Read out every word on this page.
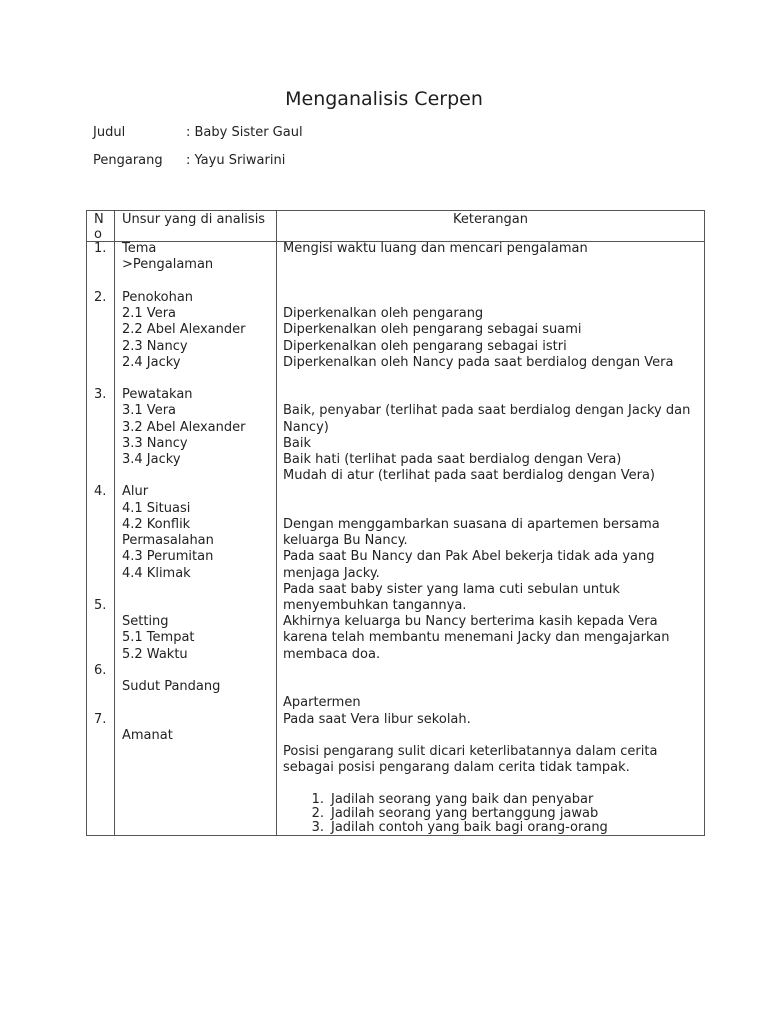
Menganalisis Cerpen
Judul	: Baby Sister Gaul
Pengarang : Yayu Sriwarini
N
o
Unsur yang di analisis	Keterangan
1.
2.
3.
4.
5.
6.
7.
Tema
>Pengalaman
Penokohan
2.1 Vera
2.2 Abel Alexander
2.3 Nancy
2.4 Jacky
Pewatakan
3.1 Vera
3.2 Abel Alexander
3.3 Nancy
3.4 Jacky
Alur
4.1 Situasi
4.2 Konflik
Permasalahan
4.3 Perumitan
4.4 Klimak
Setting
5.1 Tempat
5.2 Waktu
Sudut Pandang
Amanat
Mengisi waktu luang dan mencari pengalaman
Diperkenalkan oleh pengarang
Diperkenalkan oleh pengarang sebagai suami
Diperkenalkan oleh pengarang sebagai istri
Diperkenalkan oleh Nancy pada saat berdialog dengan Vera
Baik, penyabar (terlihat pada saat berdialog dengan Jacky dan
Nancy)
Baik
Baik hati (terlihat pada saat berdialog dengan Vera)
Mudah di atur (terlihat pada saat berdialog dengan Vera)
Dengan menggambarkan suasana di apartemen bersama
keluarga Bu Nancy.
Pada saat Bu Nancy dan Pak Abel bekerja tidak ada yang
menjaga Jacky.
Pada saat baby sister yang lama cuti sebulan untuk
menyembuhkan tangannya.
Akhirnya keluarga bu Nancy berterima kasih kepada Vera
karena telah membantu menemani Jacky dan mengajarkan
membaca doa.
Apartermen
Pada saat Vera libur sekolah.
Posisi pengarang sulit dicari keterlibatannya dalam cerita
sebagai posisi pengarang dalam cerita tidak tampak.
1. Jadilah seorang yang baik dan penyabar
2. Jadilah seorang yang bertanggung jawab
3. Jadilah contoh yang baik bagi orang-orang
